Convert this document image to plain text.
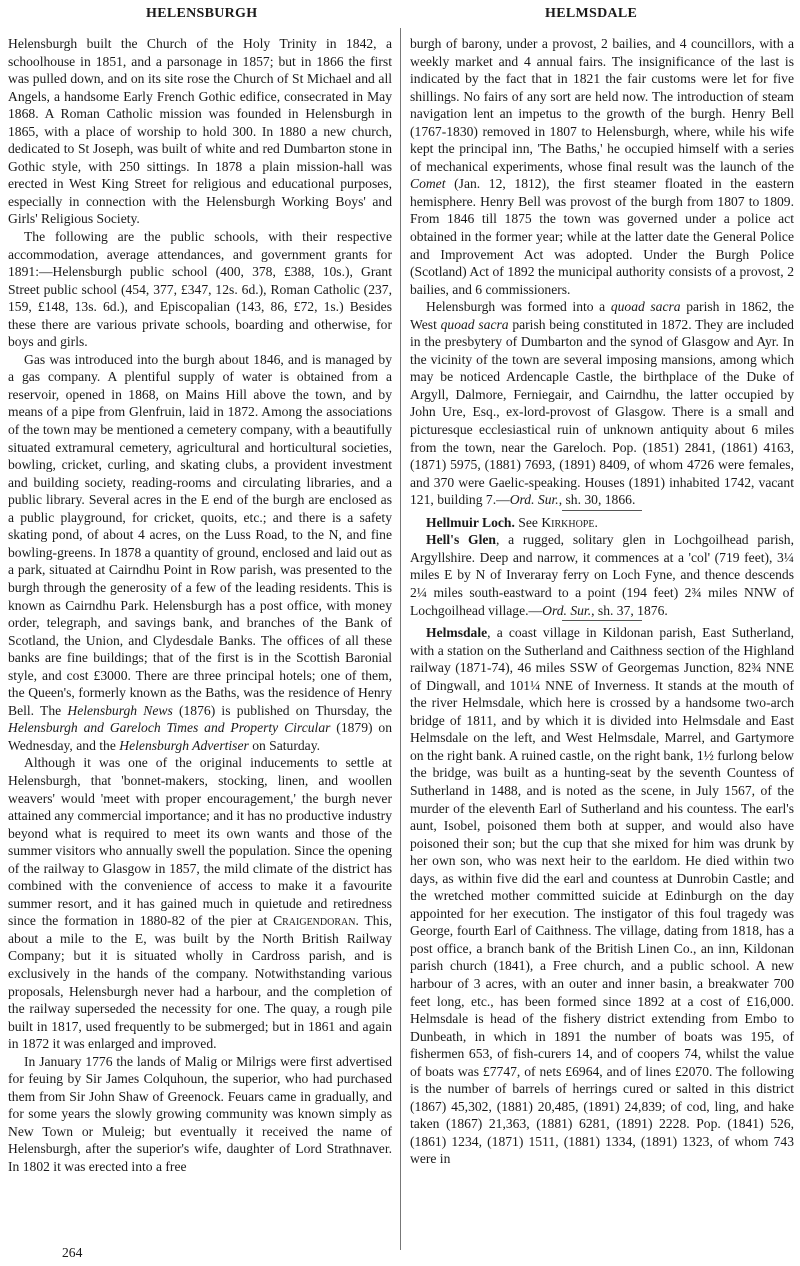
HELENSBURGH	HELMSDALE

Helensburgh built the Church of the Holy Trinity in 1842, a schoolhouse in 1851, and a parsonage in 1857; but in 1866 the first was pulled down, and on its site rose the Church of St Michael and all Angels, a handsome Early French Gothic edifice, consecrated in May 1868. A Roman Catholic mission was founded in Helensburgh in 1865, with a place of worship to hold 300. In 1880 a new church, dedicated to St Joseph, was built of white and red Dumbarton stone in Gothic style, with 250 sittings. In 1878 a plain mission-hall was erected in West King Street for religious and educational purposes, especially in connection with the Helensburgh Working Boys' and Girls' Religious Society.

The following are the public schools, with their respective accommodation, average attendances, and government grants for 1891:—Helensburgh public school (400, 378, £388, 10s.), Grant Street public school (454, 377, £347, 12s. 6d.), Roman Catholic (237, 159, £148, 13s. 6d.), and Episcopalian (143, 86, £72, 1s.) Besides these there are various private schools, boarding and otherwise, for boys and girls.

Gas was introduced into the burgh about 1846, and is managed by a gas company. A plentiful supply of water is obtained from a reservoir, opened in 1868, on Mains Hill above the town, and by means of a pipe from Glenfruin, laid in 1872. Among the associations of the town may be mentioned a cemetery company, with a beautifully situated extramural cemetery, agricultural and horticultural societies, bowling, cricket, curling, and skating clubs, a provident investment and building society, reading-rooms and circulating libraries, and a public library. Several acres in the E end of the burgh are enclosed as a public playground, for cricket, quoits, etc.; and there is a safety skating pond, of about 4 acres, on the Luss Road, to the N, and fine bowling-greens. In 1878 a quantity of ground, enclosed and laid out as a park, situated at Cairndhu Point in Row parish, was presented to the burgh through the generosity of a few of the leading residents. This is known as Cairndhu Park. Helensburgh has a post office, with money order, telegraph, and savings bank, and branches of the Bank of Scotland, the Union, and Clydesdale Banks. The offices of all these banks are fine buildings; that of the first is in the Scottish Baronial style, and cost £3000. There are three principal hotels; one of them, the Queen's, formerly known as the Baths, was the residence of Henry Bell. The Helensburgh News (1876) is published on Thursday, the Helensburgh and Gareloch Times and Property Circular (1879) on Wednesday, and the Helensburgh Advertiser on Saturday.

Although it was one of the original inducements to settle at Helensburgh, that 'bonnet-makers, stocking, linen, and woollen weavers' would 'meet with proper encouragement,' the burgh never attained any commercial importance; and it has no productive industry beyond what is required to meet its own wants and those of the summer visitors who annually swell the population. Since the opening of the railway to Glasgow in 1857, the mild climate of the district has combined with the convenience of access to make it a favourite summer resort, and it has gained much in quietude and retiredness since the formation in 1880-82 of the pier at Craigendoran. This, about a mile to the E, was built by the North British Railway Company; but it is situated wholly in Cardross parish, and is exclusively in the hands of the company. Notwithstanding various proposals, Helensburgh never had a harbour, and the completion of the railway superseded the necessity for one. The quay, a rough pile built in 1817, used frequently to be submerged; but in 1861 and again in 1872 it was enlarged and improved.

In January 1776 the lands of Malig or Milrigs were first advertised for feuing by Sir James Colquhoun, the superior, who had purchased them from Sir John Shaw of Greenock. Feuars came in gradually, and for some years the slowly growing community was known simply as New Town or Muleig; but eventually it received the name of Helensburgh, after the superior's wife, daughter of Lord Strathnaver. In 1802 it was erected into a free

burgh of barony, under a provost, 2 bailies, and 4 councillors, with a weekly market and 4 annual fairs. The insignificance of the last is indicated by the fact that in 1821 the fair customs were let for five shillings. No fairs of any sort are held now. The introduction of steam navigation lent an impetus to the growth of the burgh. Henry Bell (1767-1830) removed in 1807 to Helensburgh, where, while his wife kept the principal inn, 'The Baths,' he occupied himself with a series of mechanical experiments, whose final result was the launch of the Comet (Jan. 12, 1812), the first steamer floated in the eastern hemisphere. Henry Bell was provost of the burgh from 1807 to 1809. From 1846 till 1875 the town was governed under a police act obtained in the former year; while at the latter date the General Police and Improvement Act was adopted. Under the Burgh Police (Scotland) Act of 1892 the municipal authority consists of a provost, 2 bailies, and 6 commissioners.

Helensburgh was formed into a quoad sacra parish in 1862, the West quoad sacra parish being constituted in 1872. They are included in the presbytery of Dumbarton and the synod of Glasgow and Ayr. In the vicinity of the town are several imposing mansions, among which may be noticed Ardencaple Castle, the birthplace of the Duke of Argyll, Dalmore, Ferniegair, and Cairndhu, the latter occupied by John Ure, Esq., ex-lord-provost of Glasgow. There is a small and picturesque ecclesiastical ruin of unknown antiquity about 6 miles from the town, near the Gareloch. Pop. (1851) 2841, (1861) 4163, (1871) 5975, (1881) 7693, (1891) 8409, of whom 4726 were females, and 370 were Gaelic-speaking. Houses (1891) inhabited 1742, vacant 121, building 7.—Ord. Sur., sh. 30, 1866.

Hellmuir Loch. See Kirkhope.

Hell's Glen, a rugged, solitary glen in Lochgoilhead parish, Argyllshire. Deep and narrow, it commences at a 'col' (719 feet), 3¼ miles E by N of Inveraray ferry on Loch Fyne, and thence descends 2¼ miles south-eastward to a point (194 feet) 2¾ miles NNW of Lochgoilhead village.—Ord. Sur., sh. 37, 1876.

Helmsdale, a coast village in Kildonan parish, East Sutherland, with a station on the Sutherland and Caithness section of the Highland railway (1871-74), 46 miles SSW of Georgemas Junction, 82¾ NNE of Dingwall, and 101¼ NNE of Inverness. It stands at the mouth of the river Helmsdale, which here is crossed by a handsome two-arch bridge of 1811, and by which it is divided into Helmsdale and East Helmsdale on the left, and West Helmsdale, Marrel, and Gartymore on the right bank. A ruined castle, on the right bank, 1½ furlong below the bridge, was built as a hunting-seat by the seventh Countess of Sutherland in 1488, and is noted as the scene, in July 1567, of the murder of the eleventh Earl of Sutherland and his countess. The earl's aunt, Isobel, poisoned them both at supper, and would also have poisoned their son; but the cup that she mixed for him was drunk by her own son, who was next heir to the earldom. He died within two days, as within five did the earl and countess at Dunrobin Castle; and the wretched mother committed suicide at Edinburgh on the day appointed for her execution. The instigator of this foul tragedy was George, fourth Earl of Caithness. The village, dating from 1818, has a post office, a branch bank of the British Linen Co., an inn, Kildonan parish church (1841), a Free church, and a public school. A new harbour of 3 acres, with an outer and inner basin, a breakwater 700 feet long, etc., has been formed since 1892 at a cost of £16,000. Helmsdale is head of the fishery district extending from Embo to Dunbeath, in which in 1891 the number of boats was 195, of fishermen 653, of fish-curers 14, and of coopers 74, whilst the value of boats was £7747, of nets £6964, and of lines £2070. The following is the number of barrels of herrings cured or salted in this district (1867) 45,302, (1881) 20,485, (1891) 24,839; of cod, ling, and hake taken (1867) 21,363, (1881) 6281, (1891) 2228. Pop. (1841) 526, (1861) 1234, (1871) 1511, (1881) 1334, (1891) 1323, of whom 743 were in

264
